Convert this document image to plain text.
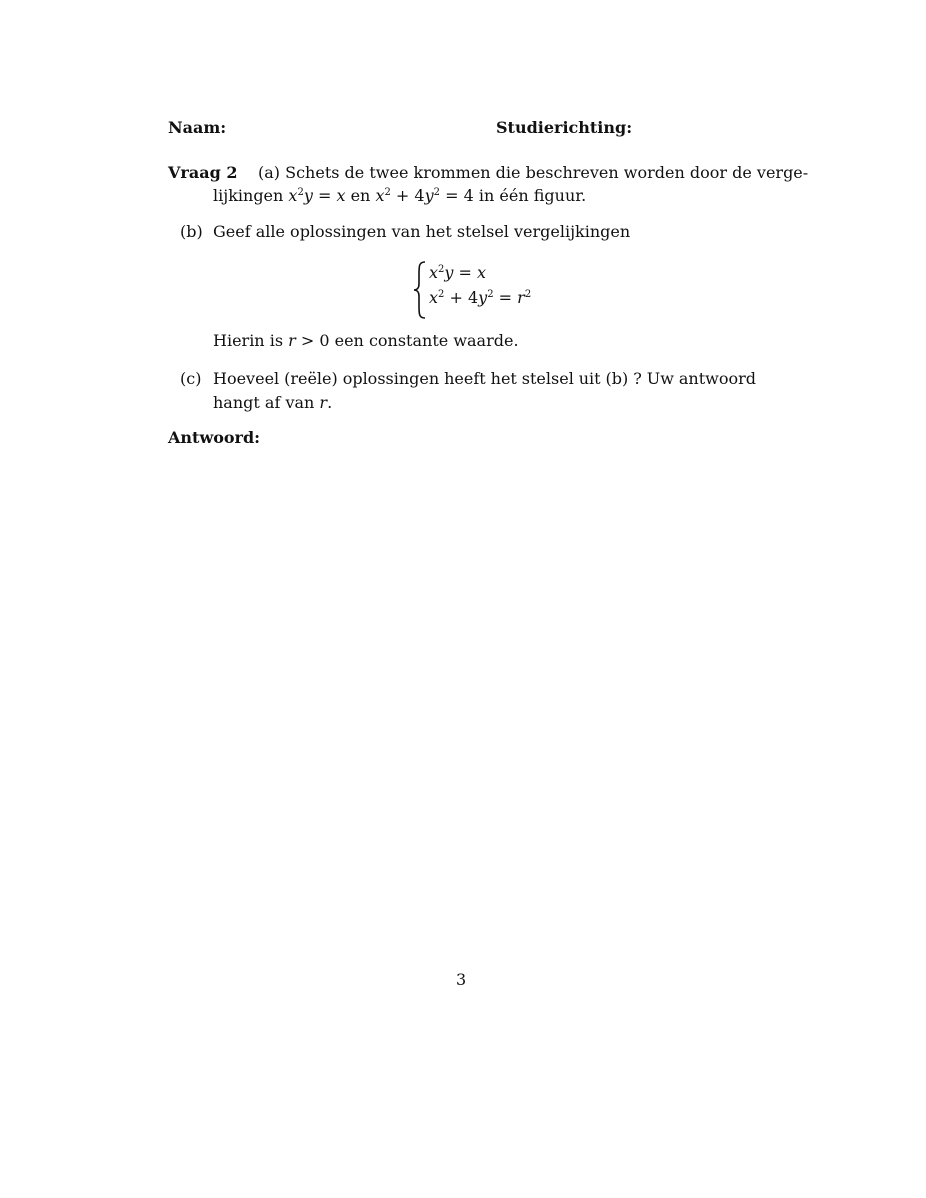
Naam:	Studierichting:
Vraag 2 (a) Schets de twee krommen die beschreven worden door de verge-
lijkingen $x^2y = x$ en $x^2 + 4y^2 = 4$ in één figuur.
(b) Geef alle oplossingen van het stelsel vergelijkingen
$x^2y = x$
$x^2 + 4y^2 = r^2$
Hierin is r > 0 een constante waarde.
(c) Hoeveel (reële) oplossingen heeft het stelsel uit (b) ? Uw antwoord
hangt af van r.
Antwoord:
3
